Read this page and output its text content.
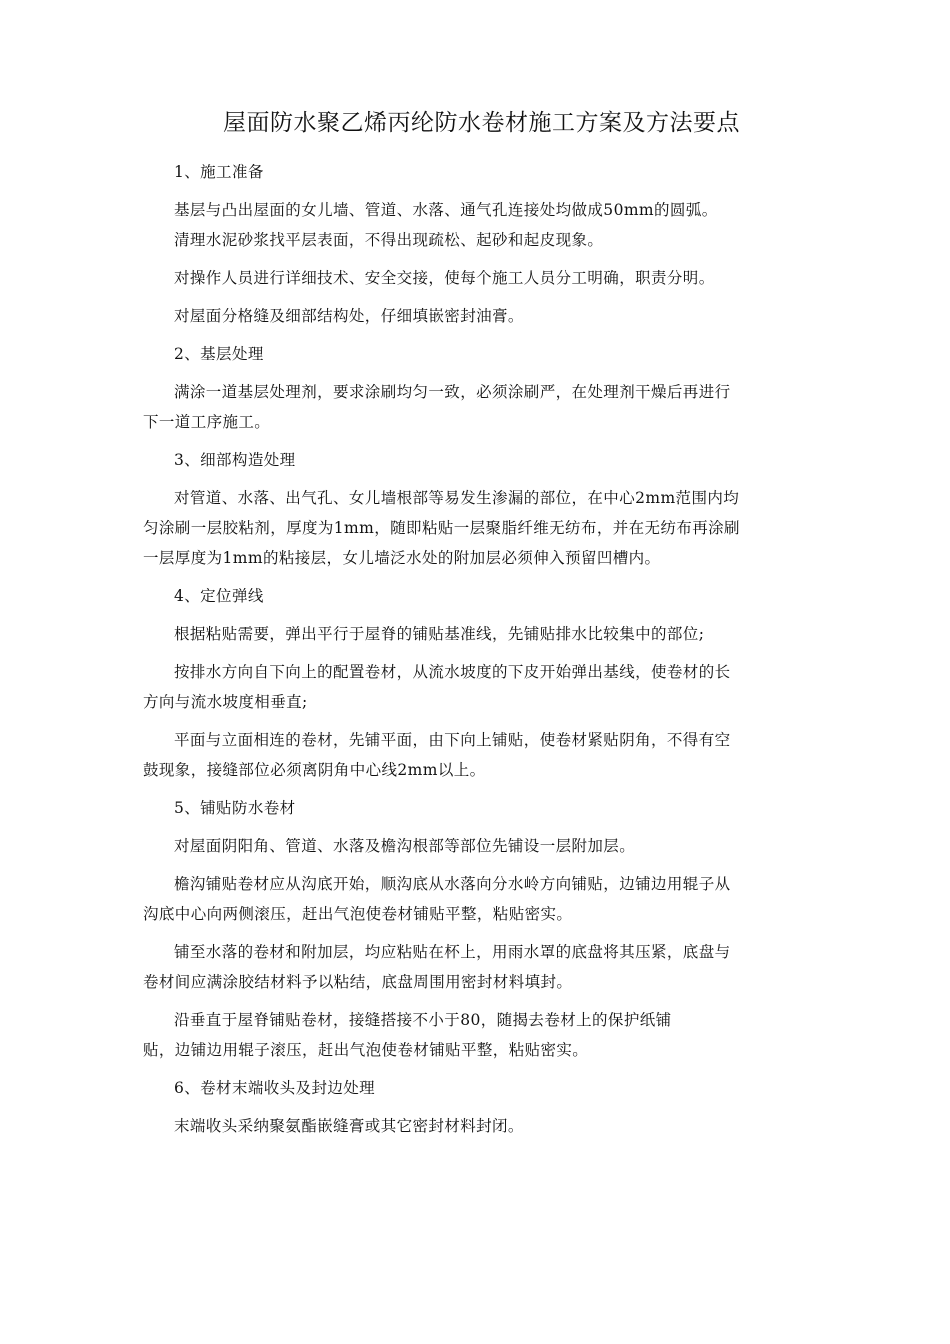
屋面防水聚乙烯丙纶防水卷材施工方案及方法要点

1、施工准备

基层与凸出屋面的女儿墙、管道、水落、通气孔连接处均做成50mm的圆弧。

清理水泥砂浆找平层表面，不得出现疏松、起砂和起皮现象。

对操作人员进行详细技术、安全交接，使每个施工人员分工明确，职责分明。

对屋面分格缝及细部结构处，仔细填嵌密封油膏。

2、基层处理

满涂一道基层处理剂，要求涂刷均匀一致，必须涂刷严，在处理剂干燥后再进行
下一道工序施工。

3、细部构造处理

对管道、水落、出气孔、女儿墙根部等易发生渗漏的部位，在中心2mm范围内均
匀涂刷一层胶粘剂，厚度为1mm，随即粘贴一层聚脂纤维无纺布，并在无纺布再涂刷
一层厚度为1mm的粘接层，女儿墙泛水处的附加层必须伸入预留凹槽内。

4、定位弹线

根据粘贴需要，弹出平行于屋脊的铺贴基准线，先铺贴排水比较集中的部位;

按排水方向自下向上的配置卷材，从流水坡度的下皮开始弹出基线，使卷材的长
方向与流水坡度相垂直;

平面与立面相连的卷材，先铺平面，由下向上铺贴，使卷材紧贴阴角，不得有空
鼓现象，接缝部位必须离阴角中心线2mm以上。

5、铺贴防水卷材

对屋面阴阳角、管道、水落及檐沟根部等部位先铺设一层附加层。

檐沟铺贴卷材应从沟底开始，顺沟底从水落向分水岭方向铺贴，边铺边用辊子从
沟底中心向两侧滚压，赶出气泡使卷材铺贴平整，粘贴密实。

铺至水落的卷材和附加层，均应粘贴在杯上，用雨水罩的底盘将其压紧，底盘与
卷材间应满涂胶结材料予以粘结，底盘周围用密封材料填封。

沿垂直于屋脊铺贴卷材，接缝搭接不小于80，随揭去卷材上的保护纸铺
贴，边铺边用辊子滚压，赶出气泡使卷材铺贴平整，粘贴密实。

6、卷材末端收头及封边处理

末端收头采纳聚氨酯嵌缝膏或其它密封材料封闭。
